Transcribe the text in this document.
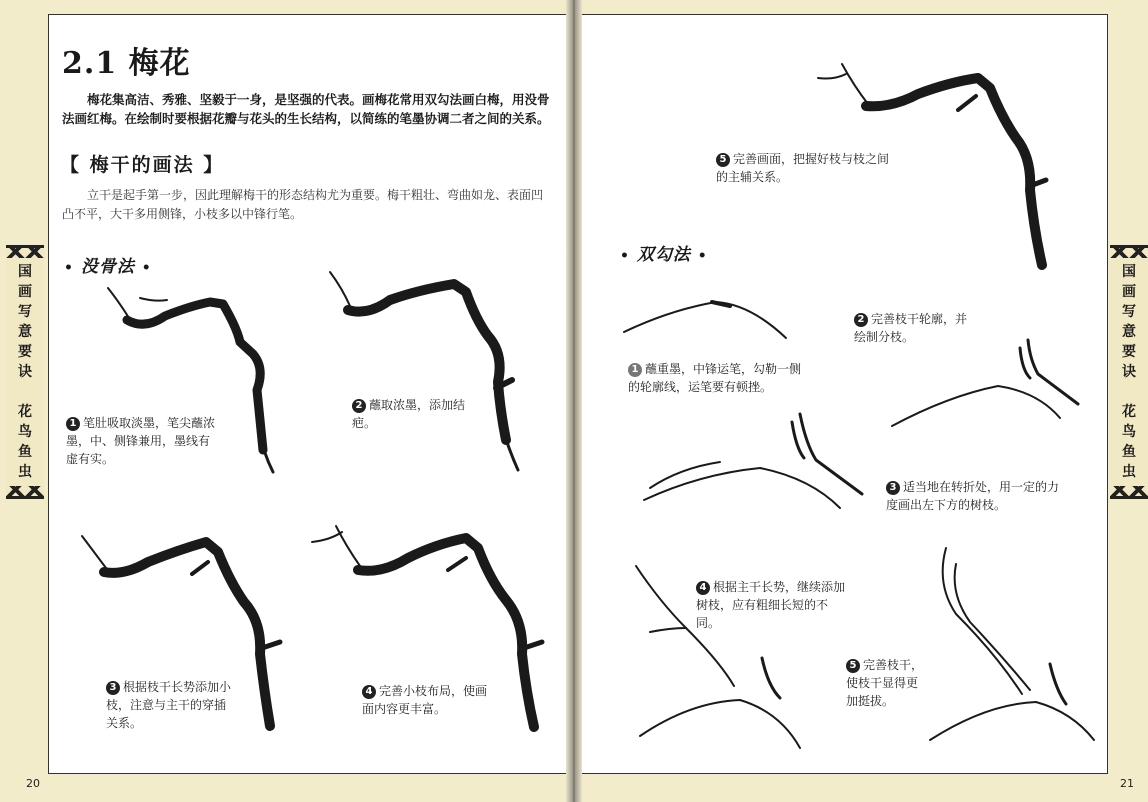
国
画
写
意
要
诀

花
鸟
鱼
虫
2.1 梅花
梅花集高洁、秀雅、坚毅于一身，是坚强的代表。画梅花常用双勾法画白梅，用没骨法画红梅。在绘制时要根据花瓣与花头的生长结构，以简练的笔墨协调二者之间的关系。
【 梅干的画法 】
立干是起手第一步，因此理解梅干的形态结构尤为重要。梅干粗壮、弯曲如龙、表面凹凸不平，大干多用侧锋，小枝多以中锋行笔。
• 没骨法 •
1 笔肚吸取淡墨，笔尖蘸浓墨，中、侧锋兼用，墨线有虚有实。
2 蘸取浓墨，添加结疤。
3 根据枝干长势添加小枝，注意与主干的穿插关系。
4 完善小枝布局，使画面内容更丰富。
20
国
画
写
意
要
诀

花
鸟
鱼
虫
5 完善画面，把握好枝与枝之间的主辅关系。
• 双勾法 •
1 蘸重墨，中锋运笔，勾勒一侧的轮廓线，运笔要有顿挫。
2 完善枝干轮廓，并绘制分枝。
3 适当地在转折处，用一定的力度画出左下方的树枝。
4 根据主干长势，继续添加树枝，应有粗细长短的不同。
5 完善枝干，使枝干显得更加挺拔。
21
